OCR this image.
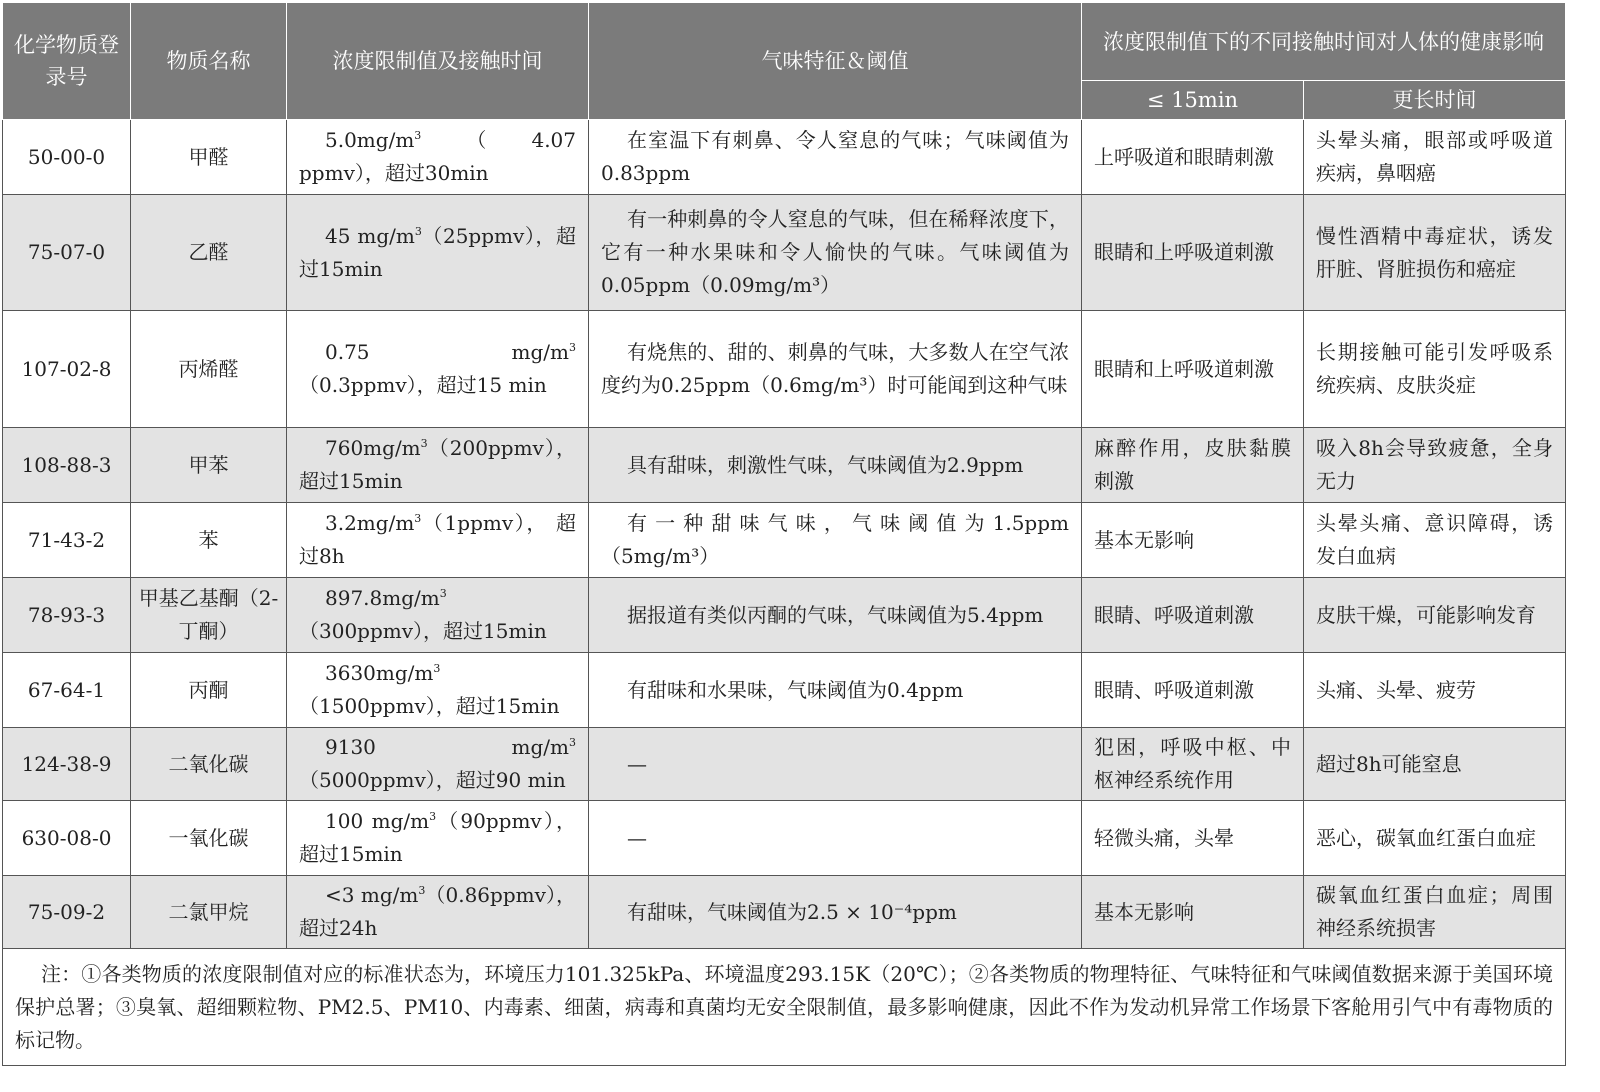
化学物质登录号	物质名称	浓度限制值及接触时间	气味特征＆阈值	浓度限制值下的不同接触时间对人体的健康影响	
				≤ 15min	更长时间
50-00-0	甲醛	$5.0mg/m^3(4.07$ ppmv），超过30min	在室温下有刺鼻、令人窒息的气味；气味阈值为0.83ppm	上呼吸道和眼睛刺激	头晕头痛，眼部或呼吸道疾病，鼻咽癌
75-07-0	乙醛	45 $mg/m^3(25ppmv)$，超过15min	有一种刺鼻的令人窒息的气味，但在稀释浓度下，它有一种水果味和令人愉快的气味。气味阈值为0.05ppm（0.09mg/m³）	眼睛和上呼吸道刺激	慢性酒精中毒症状，诱发肝脏、肾脏损伤和癌症
107-02-8	丙烯醛	0.75 $mg/m^3(0.3ppmv)$，超过15 min	有烧焦的、甜的、刺鼻的气味，大多数人在空气浓度约为0.25ppm（0.6mg/m³）时可能闻到这种气味	眼睛和上呼吸道刺激	长期接触可能引发呼吸系统疾病、皮肤炎症
108-88-3	甲苯	$760mg/m^3(200ppmv)$，超过15min	具有甜味，刺激性气味，气味阈值为2.9ppm	麻醉作用，皮肤黏膜刺激	吸入8h会导致疲惫，全身无力
71-43-2	苯	$3.2mg/m^3(1ppmv)$， 超过8h	有一种甜味气味，气味阈值为1.5ppm（5mg/m³）	基本无影响	头晕头痛、意识障碍，诱发白血病
78-93-3	甲基乙基酮（2-丁酮）	$897.8mg/m^3(300ppmv)$，超过15min	据报道有类似丙酮的气味，气味阈值为5.4ppm	眼睛、呼吸道刺激	皮肤干燥，可能影响发育
67-64-1	丙酮	$3630mg/m^3(1500ppmv)$，超过15min	有甜味和水果味，气味阈值为0.4ppm	眼睛、呼吸道刺激	头痛、头晕、疲劳
124-38-9	二氧化碳	9130 $mg/m^3(5000ppmv)$，超过90 min	—	犯困，呼吸中枢、中枢神经系统作用	超过8h可能窒息
630-08-0	一氧化碳	100 $mg/m^3(90ppmv)$，超过15min	—	轻微头痛，头晕	恶心，碳氧血红蛋白血症
75-09-2	二氯甲烷	<3 $mg/m^3(0.86ppmv)$，超过24h	有甜味，气味阈值为2.5 × 10⁻⁴ppm	基本无影响	碳氧血红蛋白血症；周围神经系统损害
注：①各类物质的浓度限制值对应的标准状态为，环境压力101.325kPa、环境温度293.15K（20℃）；②各类物质的物理特征、气味特征和气味阈值数据来源于美国环境保护总署；③臭氧、超细颗粒物、PM2.5、PM10、内毒素、细菌，病毒和真菌均无安全限制值，最多影响健康，因此不作为发动机异常工作场景下客舱用引气中有毒物质的标记物。					
